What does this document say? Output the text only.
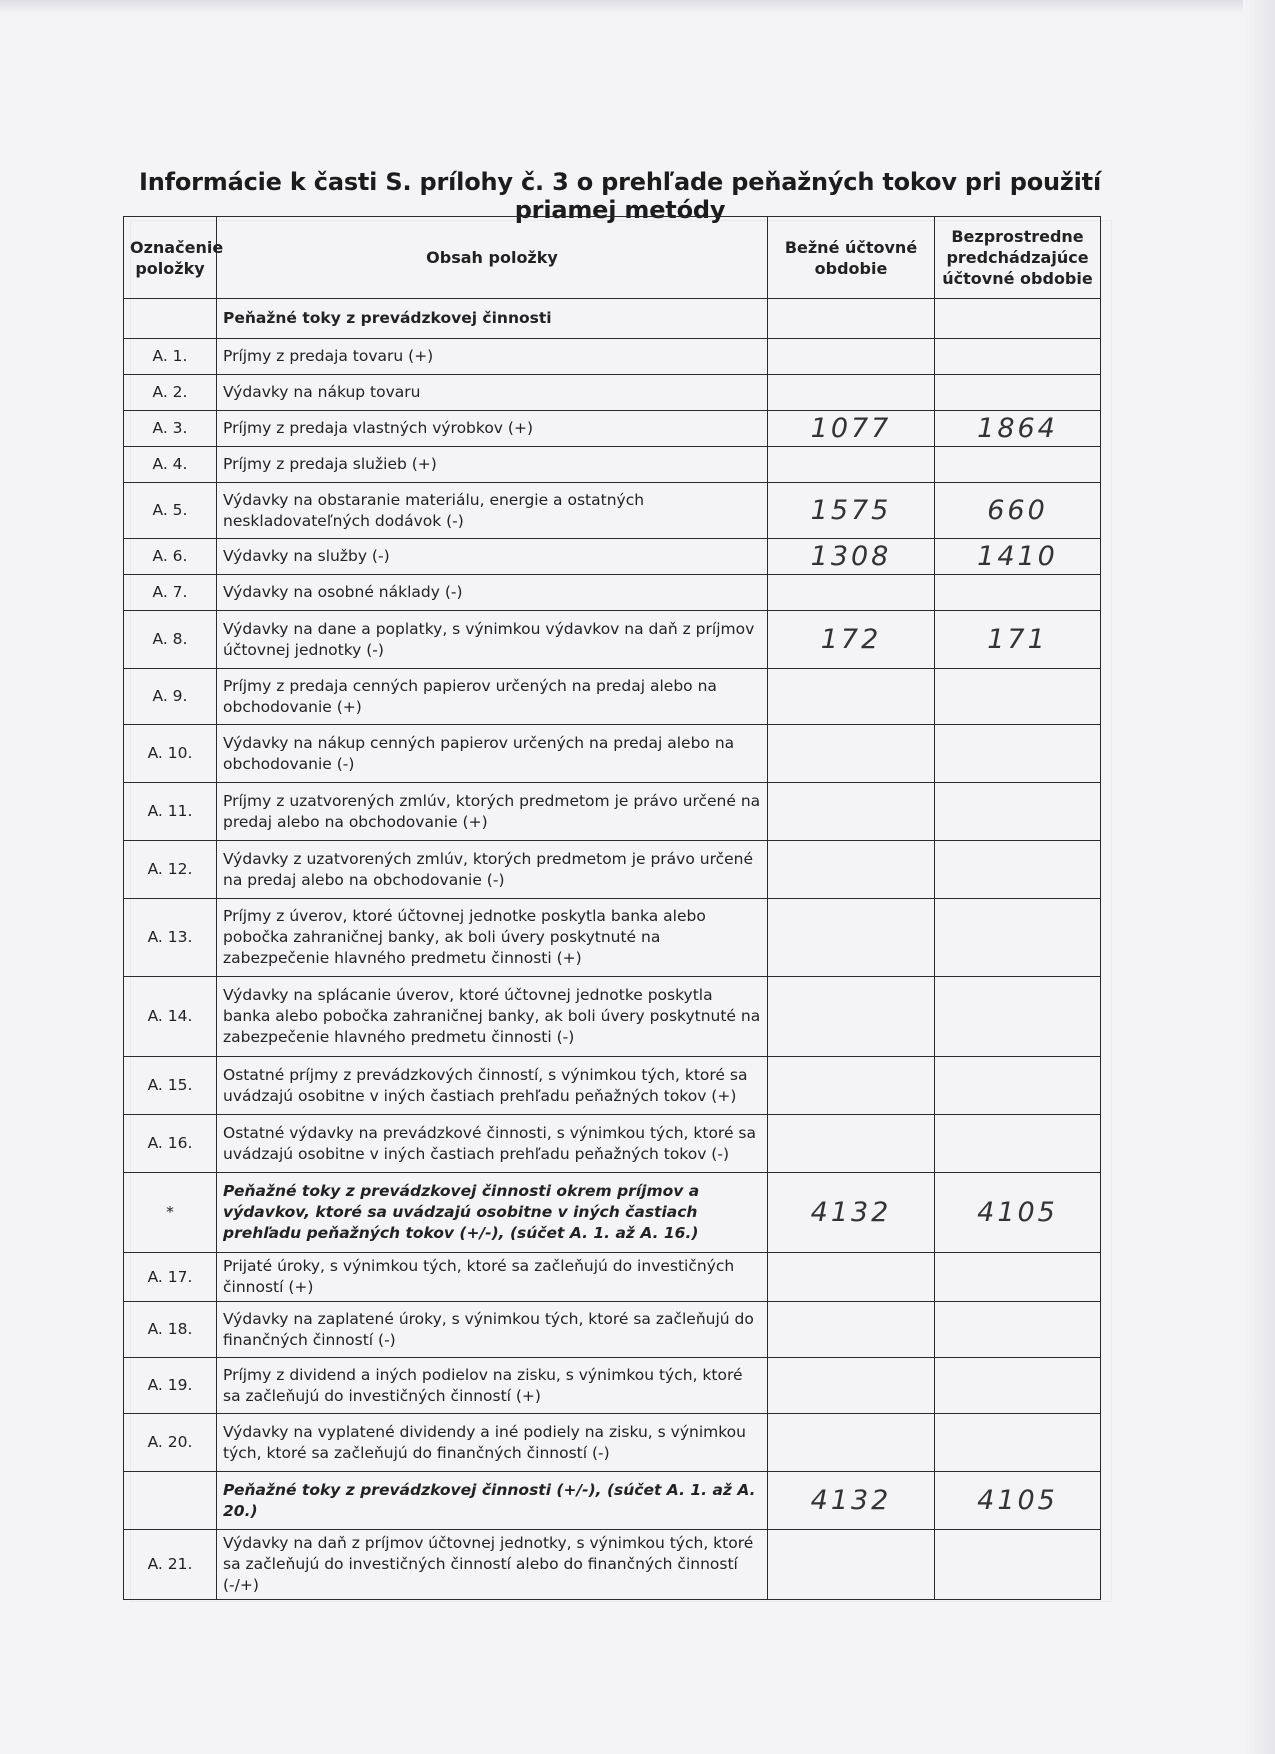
Informácie k časti S. prílohy č. 3 o prehľade peňažných tokov pri použití priamej metódy
Označenie položky	Obsah položky	Bežné účtovné obdobie	Bezprostredne predchádzajúce účtovné obdobie
	Peňažné toky z prevádzkovej činnosti		
A. 1.	Príjmy z predaja tovaru (+)		
A. 2.	Výdavky na nákup tovaru		
A. 3.	Príjmy z predaja vlastných výrobkov (+)	1077	1864
A. 4.	Príjmy z predaja služieb (+)		
A. 5.	Výdavky na obstaranie materiálu, energie a ostatných neskladovateľných dodávok (-)	1575	660
A. 6.	Výdavky na služby (-)	1308	1410
A. 7.	Výdavky na osobné náklady (-)		
A. 8.	Výdavky na dane a poplatky, s výnimkou výdavkov na daň z príjmov účtovnej jednotky (-)	172	171
A. 9.	Príjmy z predaja cenných papierov určených na predaj alebo na obchodovanie (+)		
A. 10.	Výdavky na nákup cenných papierov určených na predaj alebo na obchodovanie (-)		
A. 11.	Príjmy z uzatvorených zmlúv, ktorých predmetom je právo určené na predaj alebo na obchodovanie (+)		
A. 12.	Výdavky z uzatvorených zmlúv, ktorých predmetom je právo určené na predaj alebo na obchodovanie (-)		
A. 13.	Príjmy z úverov, ktoré účtovnej jednotke poskytla banka alebo pobočka zahraničnej banky, ak boli úvery poskytnuté na zabezpečenie hlavného predmetu činnosti (+)		
A. 14.	Výdavky na splácanie úverov, ktoré účtovnej jednotke poskytla banka alebo pobočka zahraničnej banky, ak boli úvery poskytnuté na zabezpečenie hlavného predmetu činnosti (-)		
A. 15.	Ostatné príjmy z prevádzkových činností, s výnimkou tých, ktoré sa uvádzajú osobitne v iných častiach prehľadu peňažných tokov (+)		
A. 16.	Ostatné výdavky na prevádzkové činnosti, s výnimkou tých, ktoré sa uvádzajú osobitne v iných častiach prehľadu peňažných tokov (-)		
*	Peňažné toky z prevádzkovej činnosti okrem príjmov a výdavkov, ktoré sa uvádzajú osobitne v iných častiach prehľadu peňažných tokov (+/-), (súčet A. 1. až A. 16.)	4132	4105
A. 17.	Prijaté úroky, s výnimkou tých, ktoré sa začleňujú do investičných činností (+)		
A. 18.	Výdavky na zaplatené úroky, s výnimkou tých, ktoré sa začleňujú do finančných činností (-)		
A. 19.	Príjmy z dividend a iných podielov na zisku, s výnimkou tých, ktoré sa začleňujú do investičných činností (+)		
A. 20.	Výdavky na vyplatené dividendy a iné podiely na zisku, s výnimkou tých, ktoré sa začleňujú do finančných činností (-)		
	Peňažné toky z prevádzkovej činnosti (+/-), (súčet A. 1. až A. 20.)	4132	4105
A. 21.	Výdavky na daň z príjmov účtovnej jednotky, s výnimkou tých, ktoré sa začleňujú do investičných činností alebo do finančných činností (-/+)		
